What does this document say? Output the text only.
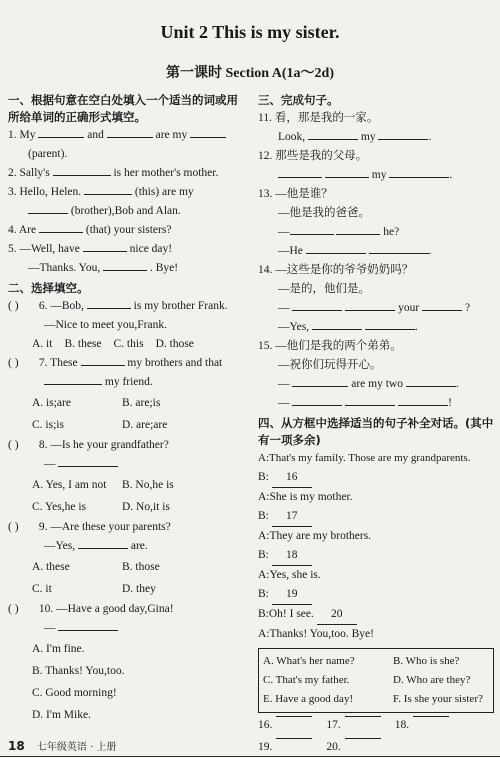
Unit 2 This is my sister.
第一课时 Section A(1a～2d)
一、根据句意在空白处填入一个适当的词或用
所给单词的正确形式填空。
1. My	and	are my
(parent).
2. Sally's	is her mother's mother.
3. Hello, Helen.	(this) are my
(brother),Bob and Alan.
4. Are	(that) your sisters?
5. —Well, have	nice day!
—Thanks. You,	. Bye!
二、选择填空。
( ) 6. —Bob,	is my brother Frank.
—Nice to meet you,Frank.
A. it B. these C. this D. those
( ) 7. These	my brothers and that
my friend.
A. is;are	B. are;is
C. is;is	D. are;are
( ) 8. —Is he your grandfather?
—
A. Yes, I am not	B. No,he is
C. Yes,he is	D. No,it is
( ) 9. —Are these your parents?
—Yes,	are.
A. these	B. those
C. it	D. they
( ) 10. —Have a good day,Gina!
—
A. I'm fine.
B. Thanks! You,too.
C. Good morning!
D. I'm Mike.
三、完成句子。
11. 看，那是我的一家。
Look,	my	.
12. 那些是我的父母。
my	.
13. —他是谁？
—他是我的爸爸。
—	he?
—He	.
14. —这些是你的爷爷奶奶吗？
—是的，他们是。
—	your	?
—Yes,	.
15. —他们是我的两个弟弟。
—祝你们玩得开心。
—	are my two	.
—	!
四、从方框中选择适当的句子补全对话。(其中
有一项多余)
A:That's my family. Those are my grandparents.
B: 16
A:She is my mother.
B: 17
A:They are my brothers.
B: 18
A:Yes, she is.
B: 19
B:Oh! I see. 20
A:Thanks! You,too. Bye!
A. What's her name?	B. Who is she?
C. That's my father.	D. Who are they?
E. Have a good day!	F. Is she your sister?
16.	17.	18.
19.	20.
18 七年级英语 · 上册
